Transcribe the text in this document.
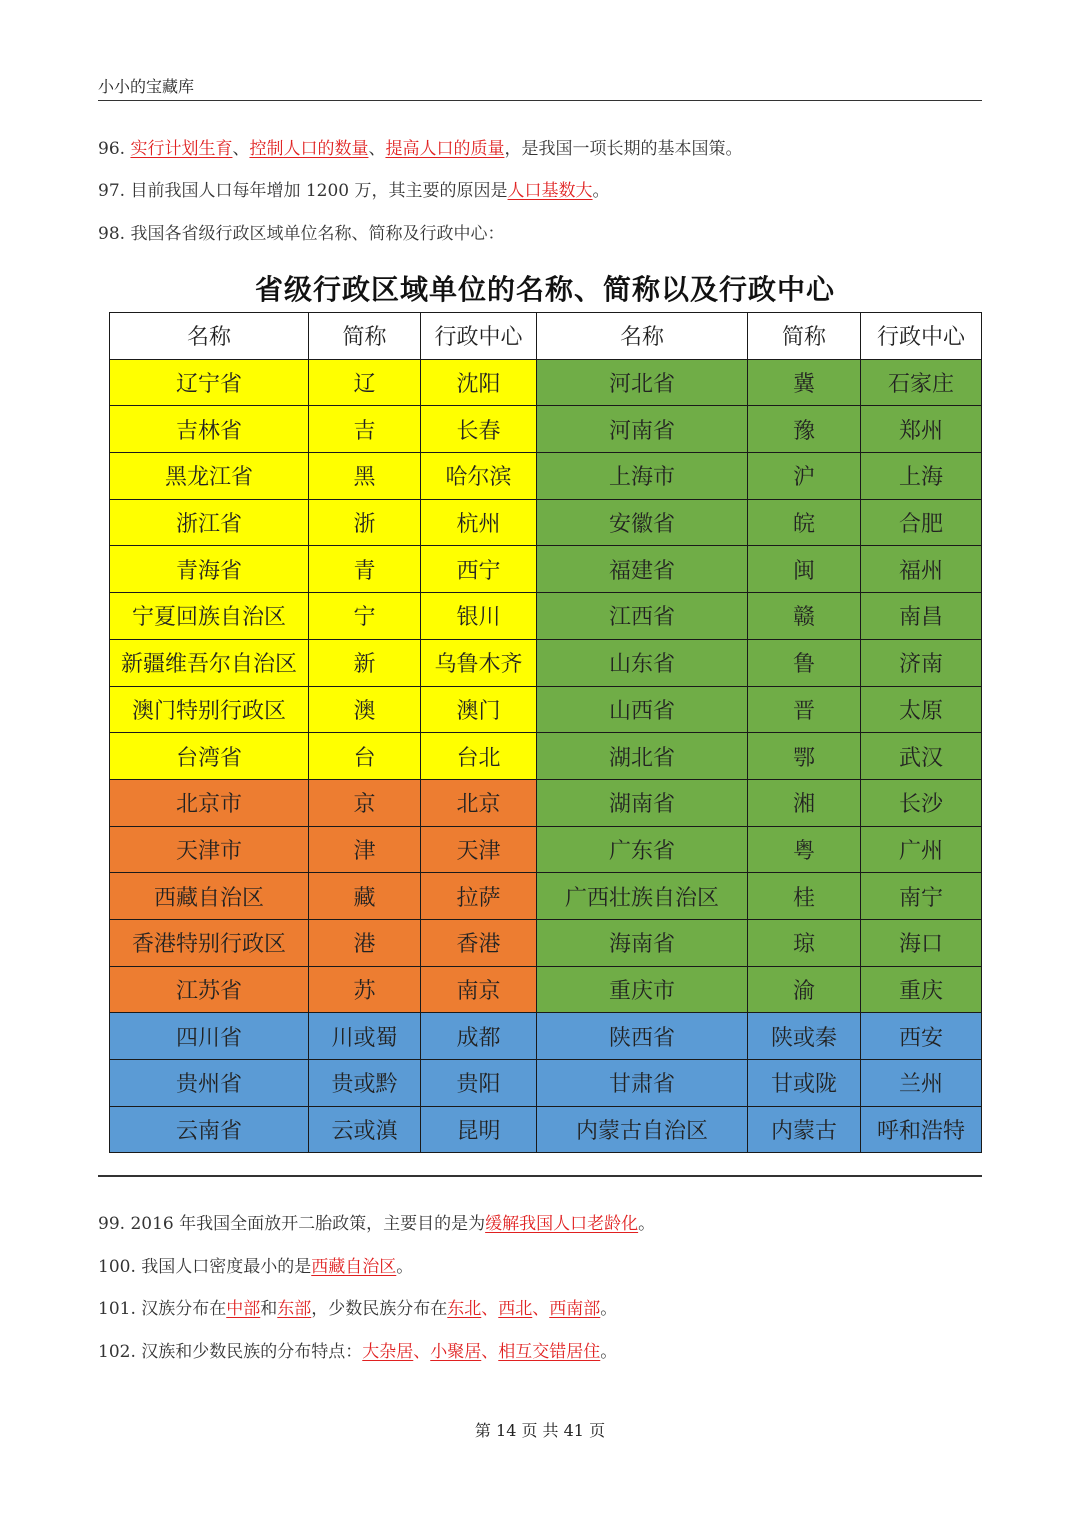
小小的宝藏库
96. 实行计划生育、控制人口的数量、提高人口的质量，是我国一项长期的基本国策。
97. 目前我国人口每年增加 1200 万，其主要的原因是人口基数大。
98. 我国各省级行政区域单位名称、简称及行政中心：
省级行政区域单位的名称、简称以及行政中心
名称	简称	行政中心	名称	简称	行政中心
辽宁省	辽	沈阳	河北省	冀	石家庄
吉林省	吉	长春	河南省	豫	郑州
黑龙江省	黑	哈尔滨	上海市	沪	上海
浙江省	浙	杭州	安徽省	皖	合肥
青海省	青	西宁	福建省	闽	福州
宁夏回族自治区	宁	银川	江西省	赣	南昌
新疆维吾尔自治区	新	乌鲁木齐	山东省	鲁	济南
澳门特别行政区	澳	澳门	山西省	晋	太原
台湾省	台	台北	湖北省	鄂	武汉
北京市	京	北京	湖南省	湘	长沙
天津市	津	天津	广东省	粤	广州
西藏自治区	藏	拉萨	广西壮族自治区	桂	南宁
香港特别行政区	港	香港	海南省	琼	海口
江苏省	苏	南京	重庆市	渝	重庆
四川省	川或蜀	成都	陕西省	陕或秦	西安
贵州省	贵或黔	贵阳	甘肃省	甘或陇	兰州
云南省	云或滇	昆明	内蒙古自治区	内蒙古	呼和浩特
99. 2016 年我国全面放开二胎政策，主要目的是为缓解我国人口老龄化。
100. 我国人口密度最小的是西藏自治区。
101. 汉族分布在中部和东部，少数民族分布在东北、西北、西南部。
102. 汉族和少数民族的分布特点：大杂居、小聚居、相互交错居住。
第 14 页 共 41 页
